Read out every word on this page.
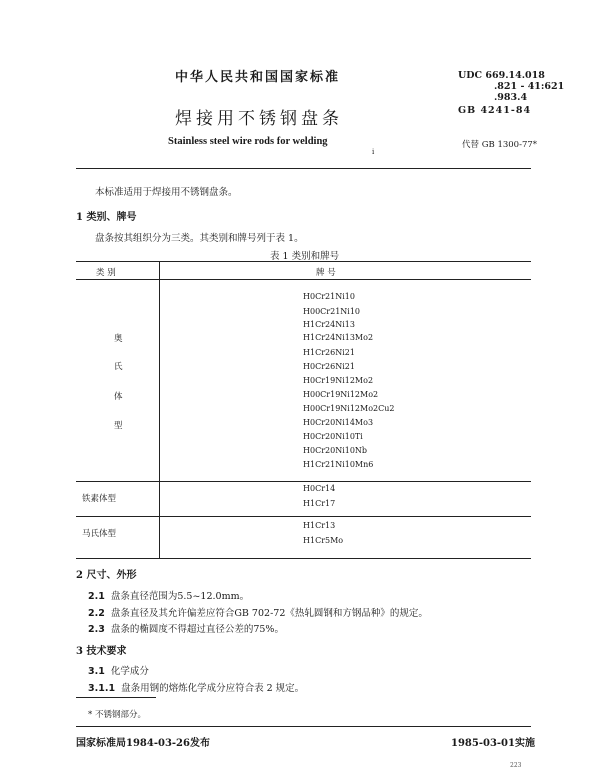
中华人民共和国国家标准
焊接用不锈钢盘条
Stainless steel wire rods for welding
UDC 669.14.018
.821 - 41:621
.983.4
GB 4241-84
代替 GB 1300-77*
i
本标准适用于焊接用不锈钢盘条。
1 类别、牌号
盘条按其组织分为三类。其类别和牌号列于表 1。
表 1 类别和牌号
类 别	牌 号
奥
氏
体
型
H0Cr21Ni10
H00Cr21Ni10
H1Cr24Ni13
H1Cr24Ni13Mo2
H1Cr26Ni21
H0Cr26Ni21
H0Cr19Ni12Mo2
H00Cr19Ni12Mo2
H00Cr19Ni12Mo2Cu2
H0Cr20Ni14Mo3
H0Cr20Ni10Ti
H0Cr20Ni10Nb
H1Cr21Ni10Mn6
铁素体型
H0Cr14
H1Cr17
马氏体型
H1Cr13
H1Cr5Mo
2 尺寸、外形
2.1 盘条直径范围为5.5~12.0mm。
2.2 盘条直径及其允许偏差应符合GB 702-72《热轧圆钢和方钢品种》的规定。
2.3 盘条的椭圆度不得超过直径公差的75%。
3 技术要求
3.1 化学成分
3.1.1 盘条用钢的熔炼化学成分应符合表 2 规定。
* 不锈钢部分。
国家标准局1984-03-26发布	1985-03-01实施
223
